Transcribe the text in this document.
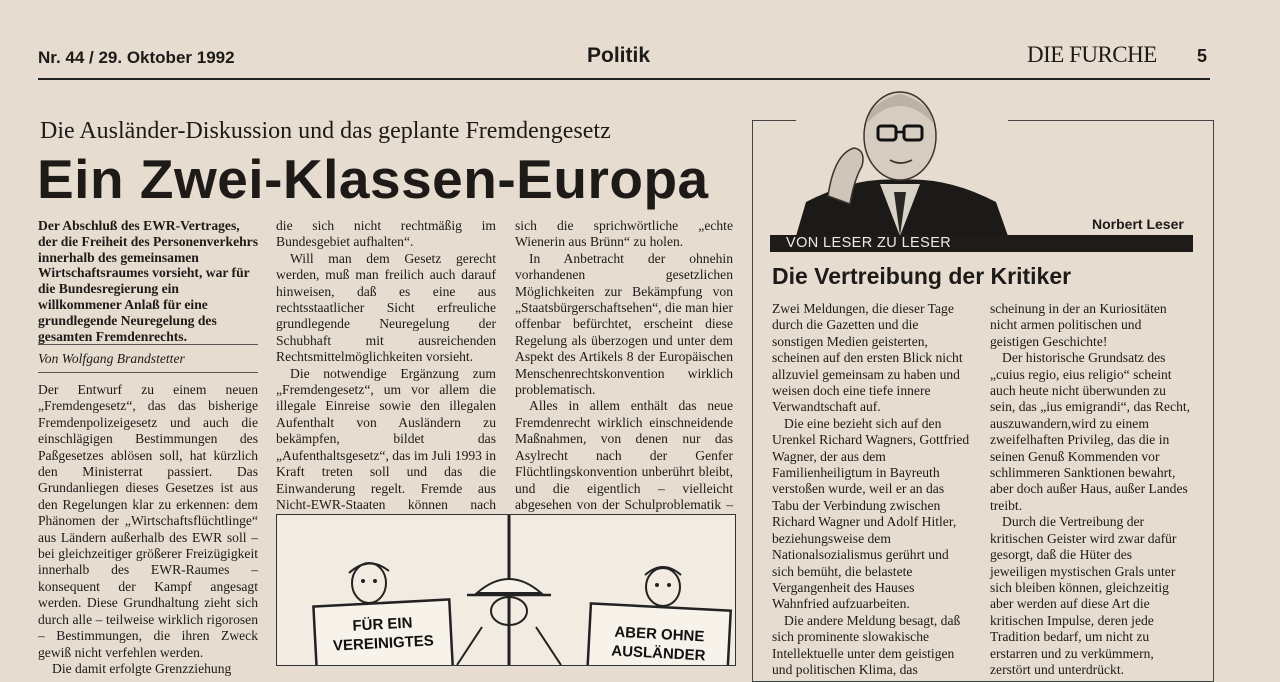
Nr. 44 / 29. Oktober 1992	Politik	DIE FURCHE 5
Die Ausländer-Diskussion und das geplante Fremdengesetz
Ein Zwei-Klassen-Europa
Der Abschluß des EWR-Vertrages, der die Freiheit des Personenverkehrs innerhalb des gemeinsamen Wirtschaftsraumes vorsieht, war für die Bundesregierung ein willkommener Anlaß für eine grundlegende Neuregelung des gesamten Fremdenrechts.
Von Wolfgang Brandstetter

Der Entwurf zu einem neuen „Fremdengesetz“, das das bisherige Fremdenpolizeigesetz und auch die einschlägigen Bestimmungen des Paßgesetzes ablösen soll, hat kürzlich den Ministerrat passiert. Das Grundanliegen dieses Gesetzes ist aus den Regelungen klar zu erkennen: dem Phänomen der „Wirtschaftsflüchtlinge“ aus Ländern außerhalb des EWR soll – bei gleichzeitiger größerer Freizügigkeit innerhalb des EWR-Raumes – konsequent der Kampf angesagt werden. Diese Grundhaltung zieht sich durch alle – teilweise wirklich rigorosen – Bestimmungen, die ihren Zweck gewiß nicht verfehlen werden.

Die damit erfolgte Grenzziehung

die sich nicht rechtmäßig im Bundesgebiet aufhalten“.

Will man dem Gesetz gerecht werden, muß man freilich auch darauf hinweisen, daß es eine aus rechtsstaatlicher Sicht erfreuliche grundlegende Neuregelung der Schubhaft mit ausreichenden Rechtsmittelmöglichkeiten vorsieht.

Die notwendige Ergänzung zum „Fremdengesetz“, um vor allem die illegale Einreise sowie den illegalen Aufenthalt von Ausländern zu bekämpfen, bildet das „Aufenthaltsgesetz“, das im Juli 1993 in Kraft treten soll und das die Einwanderung regelt. Fremde aus Nicht-EWR-Staaten können nach

sich die sprichwörtliche „echte Wienerin aus Brünn“ zu holen.

In Anbetracht der ohnehin vorhandenen gesetzlichen Möglichkeiten zur Bekämpfung von „Staatsbürgerschaftsehen“, die man hier offenbar befürchtet, erscheint diese Regelung als überzogen und unter dem Aspekt des Artikels 8 der Europäischen Menschenrechtskonvention wirklich problematisch.

Alles in allem enthält das neue Fremdenrecht wirklich einschneidende Maßnahmen, von denen nur das Asylrecht nach der Genfer Flüchtlingskonvention unberührt bleibt, und die eigentlich – vielleicht abgesehen von der Schulproblematik –

FÜR EINVEREINIGTES	ABER OHNEAUSLÄNDER
Norbert Leser
VON LESER ZU LESER
Die Vertreibung der Kritiker

Zwei Meldungen, die dieser Tage durch die Gazetten und die sonstigen Medien geisterten, scheinen auf den ersten Blick nicht allzuviel gemeinsam zu haben und weisen doch eine tiefe innere Verwandtschaft auf.

Die eine bezieht sich auf den Urenkel Richard Wagners, Gottfried Wagner, der aus dem Familienheiligtum in Bayreuth verstoßen wurde, weil er an das Tabu der Verbindung zwischen Richard Wagner und Adolf Hitler, beziehungsweise dem Nationalsozialismus gerührt und sich bemüht, die belastete Vergangenheit des Hauses Wahnfried aufzuarbeiten.

Die andere Meldung besagt, daß sich prominente slowakische Intellektuelle unter dem geistigen und politischen Klima, das

scheinung in der an Kuriositäten nicht armen politischen und geistigen Geschichte!

Der historische Grundsatz des „cuius regio, eius religio“ scheint auch heute nicht überwunden zu sein, das „ius emigrandi“, das Recht, auszuwandern,wird zu einem zweifelhaften Privileg, das die in seinen Genuß Kommenden vor schlimmeren Sanktionen bewahrt, aber doch außer Haus, außer Landes treibt.

Durch die Vertreibung der kritischen Geister wird zwar dafür gesorgt, daß die Hüter des jeweiligen mystischen Grals unter sich bleiben können, gleichzeitig aber werden auf diese Art die kritischen Impulse, deren jede Tradition bedarf, um nicht zu erstarren und zu verkümmern, zerstört und unterdrückt.
